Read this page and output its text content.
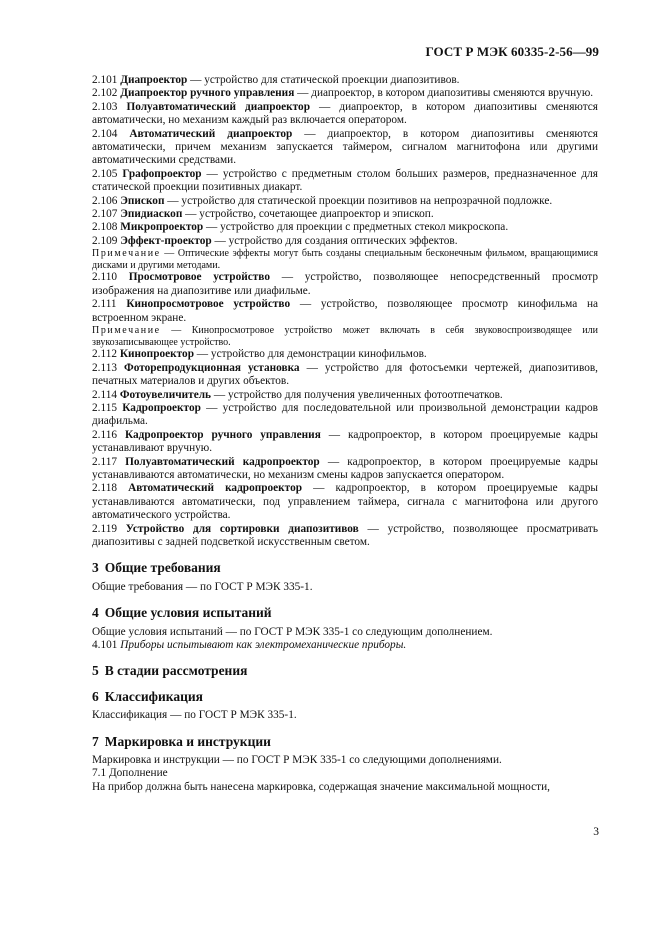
ГОСТ Р МЭК 60335-2-56—99

2.101 Диапроектор — устройство для статической проекции диапозитивов.

2.102 Диапроектор ручного управления — диапроектор, в котором диапозитивы сменяются вручную.

2.103 Полуавтоматический диапроектор — диапроектор, в котором диапозитивы сменяются автоматически, но механизм каждый раз включается оператором.

2.104 Автоматический диапроектор — диапроектор, в котором диапозитивы сменяются автоматически, причем механизм запускается таймером, сигналом магнитофона или другими автоматическими средствами.

2.105 Графопроектор — устройство с предметным столом больших размеров, предназначенное для статической проекции позитивных диакарт.

2.106 Эпископ — устройство для статической проекции позитивов на непрозрачной подложке.

2.107 Эпидиаскоп — устройство, сочетающее диапроектор и эпископ.

2.108 Микропроектор — устройство для проекции с предметных стекол микроскопа.

2.109 Эффект-проектор — устройство для создания оптических эффектов.

Примечание — Оптические эффекты могут быть созданы специальным бесконечным фильмом, вращающимися дисками и другими методами.

2.110 Просмотровое устройство — устройство, позволяющее непосредственный просмотр изображения на диапозитиве или диафильме.

2.111 Кинопросмотровое устройство — устройство, позволяющее просмотр кинофильма на встроенном экране.

Примечание — Кинопросмотровое устройство может включать в себя звуковоспроизводящее или звукозаписывающее устройство.

2.112 Кинопроектор — устройство для демонстрации кинофильмов.

2.113 Фоторепродукционная установка — устройство для фотосъемки чертежей, диапозитивов, печатных материалов и других объектов.

2.114 Фотоувеличитель — устройство для получения увеличенных фотоотпечатков.

2.115 Кадропроектор — устройство для последовательной или произвольной демонстрации кадров диафильма.

2.116 Кадропроектор ручного управления — кадропроектор, в котором проецируемые кадры устанавливают вручную.

2.117 Полуавтоматический кадропроектор — кадропроектор, в котором проецируемые кадры устанавливаются автоматически, но механизм смены кадров запускается оператором.

2.118 Автоматический кадропроектор — кадропроектор, в котором проецируемые кадры устанавливаются автоматически, под управлением таймера, сигнала с магнитофона или другого автоматического устройства.

2.119 Устройство для сортировки диапозитивов — устройство, позволяющее просматривать диапозитивы с задней подсветкой искусственным светом.

3 Общие требования

Общие требования — по ГОСТ Р МЭК 335-1.

4 Общие условия испытаний

Общие условия испытаний — по ГОСТ Р МЭК 335-1 со следующим дополнением.

4.101 Приборы испытывают как электромеханические приборы.

5 В стадии рассмотрения
6 Классификация

Классификация — по ГОСТ Р МЭК 335-1.

7 Маркировка и инструкции

Маркировка и инструкции — по ГОСТ Р МЭК 335-1 со следующими дополнениями.

7.1 Дополнение

На прибор должна быть нанесена маркировка, содержащая значение максимальной мощности,

3
